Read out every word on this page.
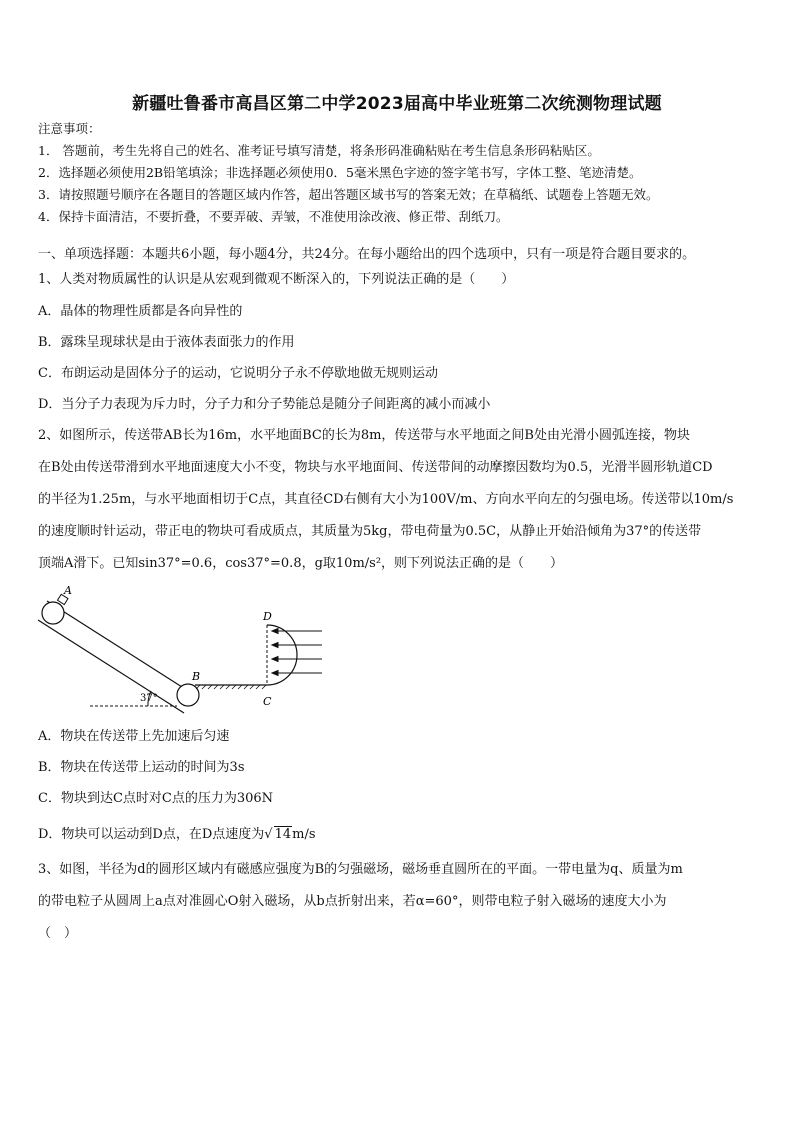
新疆吐鲁番市高昌区第二中学2023届高中毕业班第二次统测物理试题
注意事项：
1． 答题前，考生先将自己的姓名、准考证号填写清楚，将条形码准确粘贴在考生信息条形码粘贴区。
2．选择题必须使用2B铅笔填涂；非选择题必须使用0．5毫米黑色字迹的签字笔书写，字体工整、笔迹清楚。
3．请按照题号顺序在各题目的答题区域内作答，超出答题区域书写的答案无效；在草稿纸、试题卷上答题无效。
4．保持卡面清洁，不要折叠，不要弄破、弄皱，不准使用涂改液、修正带、刮纸刀。
一、单项选择题：本题共6小题，每小题4分，共24分。在每小题给出的四个选项中，只有一项是符合题目要求的。
1、人类对物质属性的认识是从宏观到微观不断深入的，下列说法正确的是（　　）
A．晶体的物理性质都是各向异性的
B．露珠呈现球状是由于液体表面张力的作用
C．布朗运动是固体分子的运动，它说明分子永不停歇地做无规则运动
D．当分子力表现为斥力时，分子力和分子势能总是随分子间距离的减小而减小
2、如图所示，传送带AB长为16m，水平地面BC的长为8m，传送带与水平地面之间B处由光滑小圆弧连接，物块
在B处由传送带滑到水平地面速度大小不变，物块与水平地面间、传送带间的动摩擦因数均为0.5，光滑半圆形轨道CD
的半径为1.25m，与水平地面相切于C点，其直径CD右侧有大小为100V/m、方向水平向左的匀强电场。传送带以10m/s
的速度顺时针运动，带正电的物块可看成质点，其质量为5kg，带电荷量为0.5C，从静止开始沿倾角为37°的传送带
顶端A滑下。已知sin37°=0.6，cos37°=0.8，g取10m/s²，则下列说法正确的是（　　）
A
37°
B
D
C
A．物块在传送带上先加速后匀速
B．物块在传送带上运动的时间为3s
C．物块到达C点时对C点的压力为306N
D．物块可以运动到D点，在D点速度为√ 14m/s
3、如图，半径为d的圆形区域内有磁感应强度为B的匀强磁场，磁场垂直圆所在的平面。一带电量为q、质量为m
的带电粒子从圆周上a点对准圆心O射入磁场，从b点折射出来，若α=60°，则带电粒子射入磁场的速度大小为
（　）
